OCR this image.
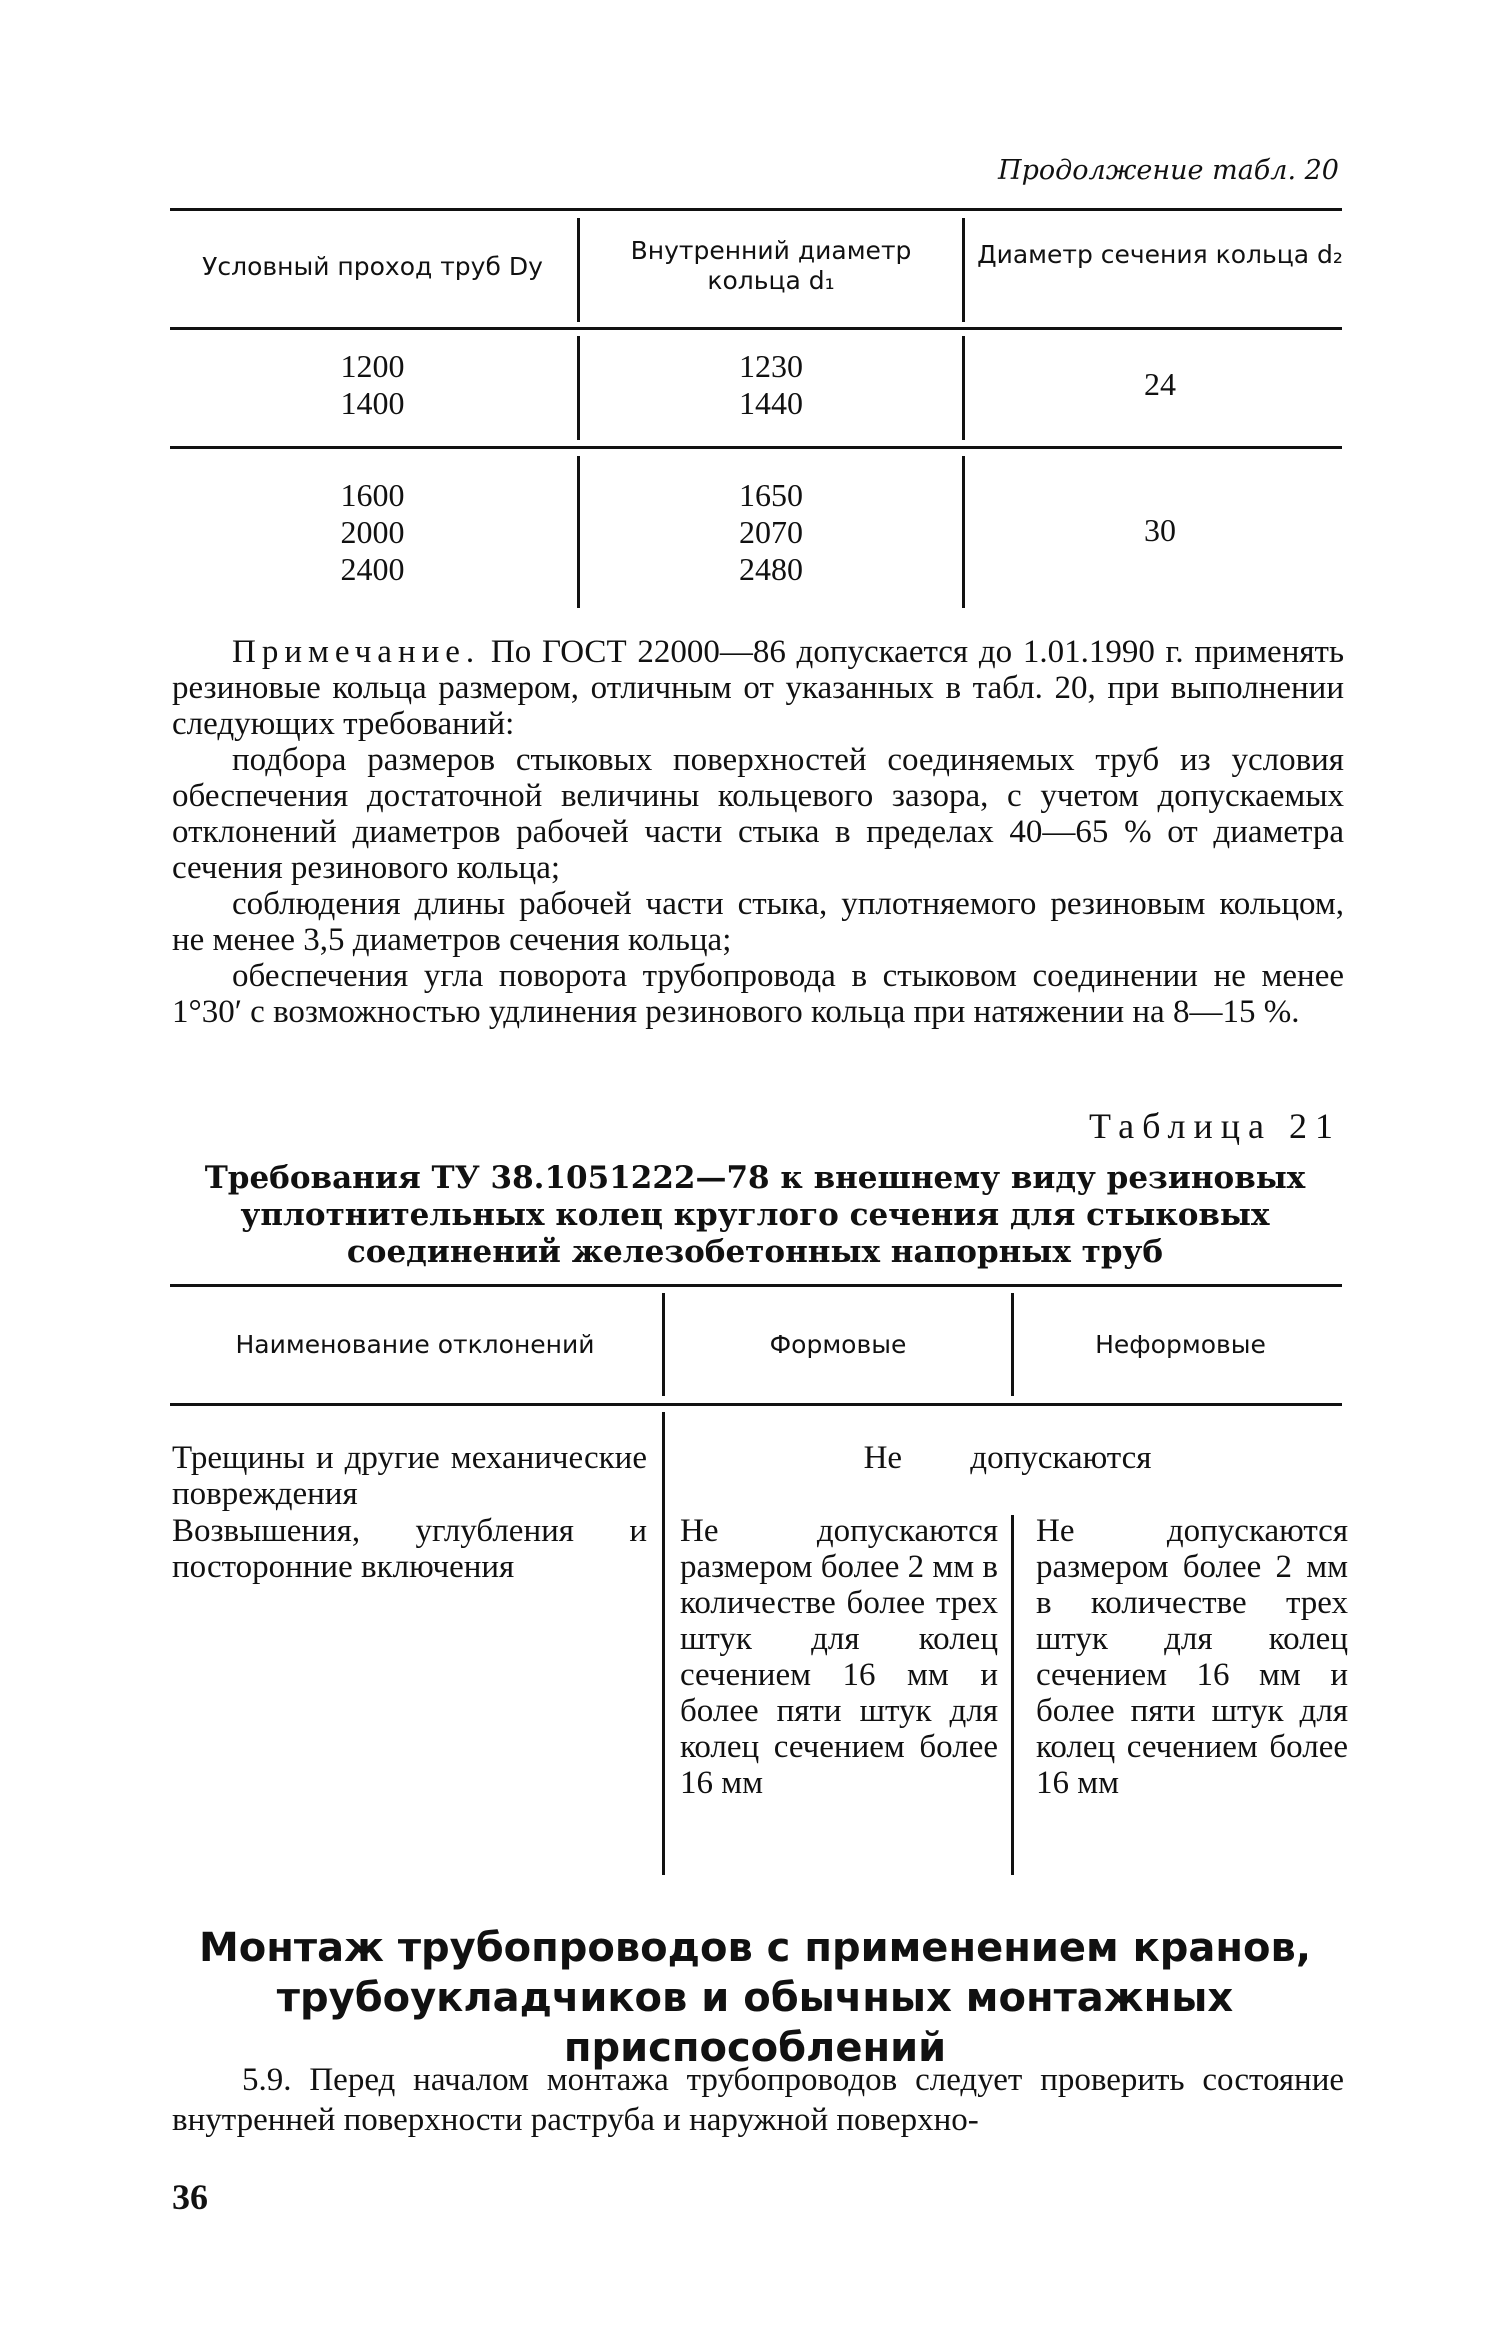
Продолжение табл. 20
Условный проход труб Dу
Внутренний диаметр кольца d₁
Диаметр сечения кольца d₂
1200
1400
1230
1440
24
1600
2000
2400
1650
2070
2480
30

Примечание. По ГОСТ 22000—86 допускается до 1.01.1990 г. применять резиновые кольца размером, отличным от указанных в табл. 20, при выполнении следующих требований:

подбора размеров стыковых поверхностей соединяемых труб из условия обеспечения достаточной величины кольцевого зазора, с учетом допускаемых отклонений диаметров рабочей части стыка в пределах 40—65 % от диаметра сечения резинового кольца;

соблюдения длины рабочей части стыка, уплотняемого резиновым кольцом, не менее 3,5 диаметров сечения кольца;

обеспечения угла поворота трубопровода в стыковом соединении не менее 1°30′ с возможностью удлинения резинового кольца при натяжении на 8—15 %.

Таблица 21
Требования ТУ 38.1051222—78 к внешнему виду резиновых уплотнительных колец круглого сечения для стыковых соединений железобетонных напорных труб
Наименование отклонений	Формовые	Неформовые
Трещины и другие механические повреждения
Не допускаются
Возвышения, углубления и посторонние включения
Не допускаются размером более 2 мм в количестве более трех штук для колец сечением 16 мм и более пяти штук для колец сечением более 16 мм
Не допускаются размером более 2 мм в количестве трех штук для колец сечением 16 мм и более пяти штук для колец сечением более 16 мм
Монтаж трубопроводов с применением кранов, трубоукладчиков и обычных монтажных приспособлений
5.9. Перед началом монтажа трубопроводов следует проверить состояние внутренней поверхности раструба и наружной поверхно-
36
